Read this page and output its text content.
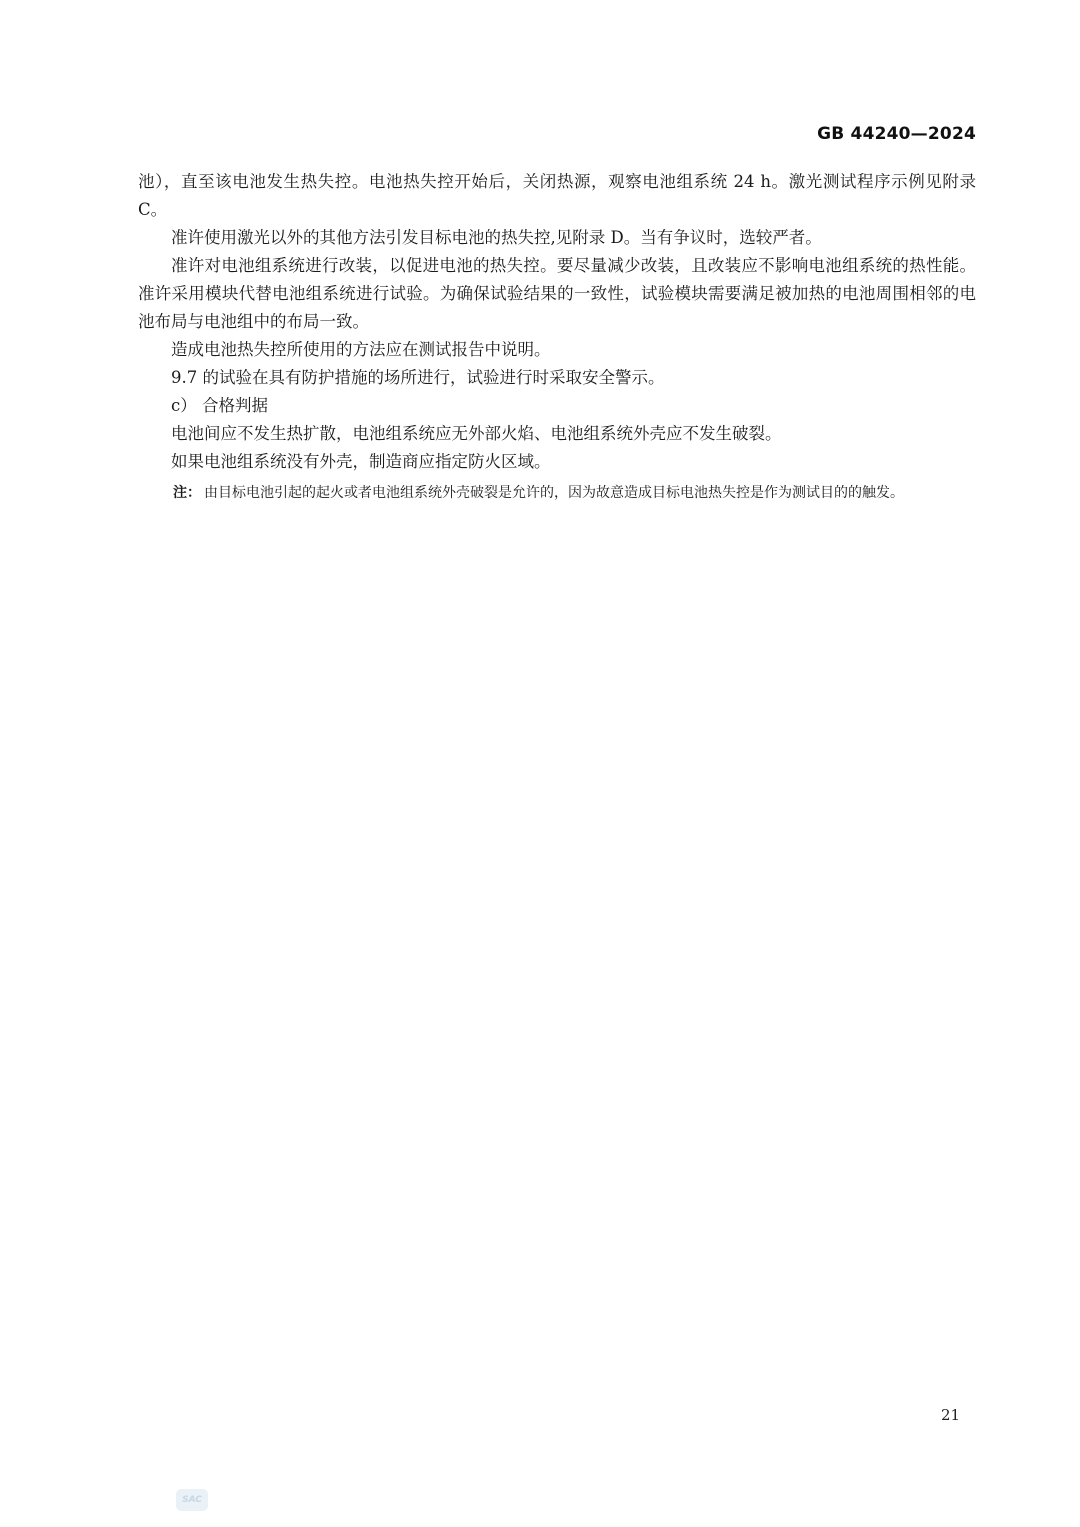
GB 44240—2024

池），直至该电池发生热失控。电池热失控开始后，关闭热源，观察电池组系统 24 h。激光测试程序示例见附录 C。

准许使用激光以外的其他方法引发目标电池的热失控,见附录 D。当有争议时，选较严者。

准许对电池组系统进行改装，以促进电池的热失控。要尽量减少改装，且改装应不影响电池组系统的热性能。准许采用模块代替电池组系统进行试验。为确保试验结果的一致性，试验模块需要满足被加热的电池周围相邻的电池布局与电池组中的布局一致。

造成电池热失控所使用的方法应在测试报告中说明。

9.7 的试验在具有防护措施的场所进行，试验进行时采取安全警示。

c） 合格判据

电池间应不发生热扩散，电池组系统应无外部火焰、电池组系统外壳应不发生破裂。

如果电池组系统没有外壳，制造商应指定防火区域。

注： 由目标电池引起的起火或者电池组系统外壳破裂是允许的，因为故意造成目标电池热失控是作为测试目的的触发。
21
SAC
